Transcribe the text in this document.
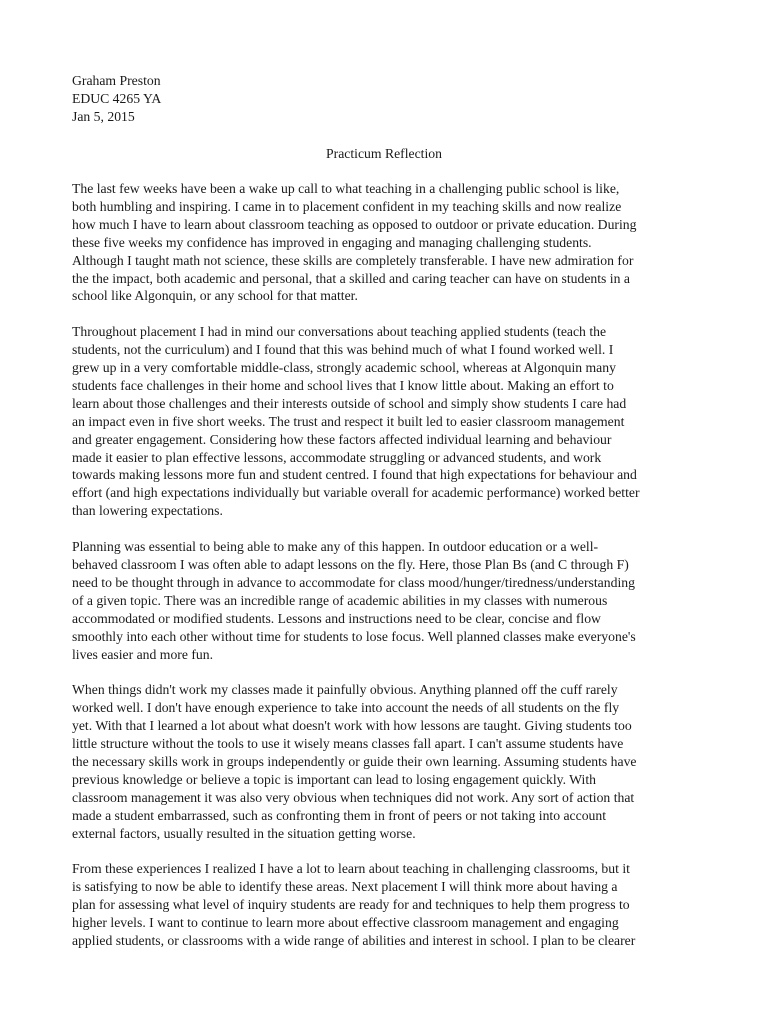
Graham Preston
EDUC 4265 YA
Jan 5, 2015
Practicum Reflection
The last few weeks have been a wake up call to what teaching in a challenging public school is like,
both humbling and inspiring. I came in to placement confident in my teaching skills and now realize
how much I have to learn about classroom teaching as opposed to outdoor or private education. During
these five weeks my confidence has improved in engaging and managing challenging students.
Although I taught math not science, these skills are completely transferable. I have new admiration for
the the impact, both academic and personal, that a skilled and caring teacher can have on students in a
school like Algonquin, or any school for that matter.
Throughout placement I had in mind our conversations about teaching applied students (teach the
students, not the curriculum) and I found that this was behind much of what I found worked well. I
grew up in a very comfortable middle-class, strongly academic school, whereas at Algonquin many
students face challenges in their home and school lives that I know little about. Making an effort to
learn about those challenges and their interests outside of school and simply show students I care had
an impact even in five short weeks. The trust and respect it built led to easier classroom management
and greater engagement. Considering how these factors affected individual learning and behaviour
made it easier to plan effective lessons, accommodate struggling or advanced students, and work
towards making lessons more fun and student centred. I found that high expectations for behaviour and
effort (and high expectations individually but variable overall for academic performance) worked better
than lowering expectations.
Planning was essential to being able to make any of this happen. In outdoor education or a well-
behaved classroom I was often able to adapt lessons on the fly. Here, those Plan Bs (and C through F)
need to be thought through in advance to accommodate for class mood/hunger/tiredness/understanding
of a given topic. There was an incredible range of academic abilities in my classes with numerous
accommodated or modified students. Lessons and instructions need to be clear, concise and flow
smoothly into each other without time for students to lose focus. Well planned classes make everyone's
lives easier and more fun.
When things didn't work my classes made it painfully obvious. Anything planned off the cuff rarely
worked well. I don't have enough experience to take into account the needs of all students on the fly
yet. With that I learned a lot about what doesn't work with how lessons are taught. Giving students too
little structure without the tools to use it wisely means classes fall apart. I can't assume students have
the necessary skills work in groups independently or guide their own learning. Assuming students have
previous knowledge or believe a topic is important can lead to losing engagement quickly. With
classroom management it was also very obvious when techniques did not work. Any sort of action that
made a student embarrassed, such as confronting them in front of peers or not taking into account
external factors, usually resulted in the situation getting worse.
From these experiences I realized I have a lot to learn about teaching in challenging classrooms, but it
is satisfying to now be able to identify these areas. Next placement I will think more about having a
plan for assessing what level of inquiry students are ready for and techniques to help them progress to
higher levels. I want to continue to learn more about effective classroom management and engaging
applied students, or classrooms with a wide range of abilities and interest in school. I plan to be clearer
